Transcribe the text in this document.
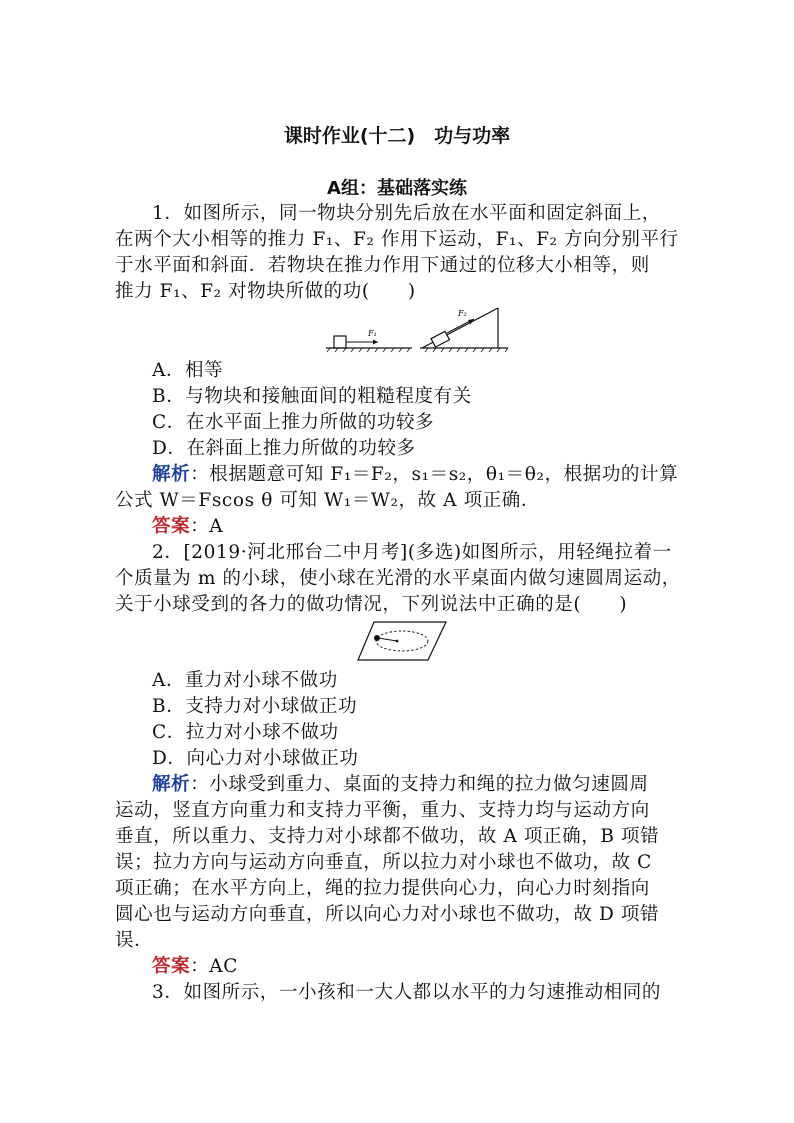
课时作业(十二)　功与功率
A组：基础落实练
1．如图所示，同一物块分别先后放在水平面和固定斜面上，
在两个大小相等的推力 F₁、F₂ 作用下运动，F₁、F₂ 方向分别平行
于水平面和斜面．若物块在推力作用下通过的位移大小相等，则
推力 F₁、F₂ 对物块所做的功(　　)
F₁
F₂
A．相等
B．与物块和接触面间的粗糙程度有关
C．在水平面上推力所做的功较多
D．在斜面上推力所做的功较多
解析：根据题意可知 F₁＝F₂，s₁＝s₂，θ₁＝θ₂，根据功的计算
公式 W＝Fscos θ 可知 W₁＝W₂，故 A 项正确．
答案：A
2．[2019·河北邢台二中月考](多选)如图所示，用轻绳拉着一
个质量为 m 的小球，使小球在光滑的水平桌面内做匀速圆周运动，
关于小球受到的各力的做功情况，下列说法中正确的是(　　)
A．重力对小球不做功
B．支持力对小球做正功
C．拉力对小球不做功
D．向心力对小球做正功
解析：小球受到重力、桌面的支持力和绳的拉力做匀速圆周
运动，竖直方向重力和支持力平衡，重力、支持力均与运动方向
垂直，所以重力、支持力对小球都不做功，故 A 项正确，B 项错
误；拉力方向与运动方向垂直，所以拉力对小球也不做功，故 C
项正确；在水平方向上，绳的拉力提供向心力，向心力时刻指向
圆心也与运动方向垂直，所以向心力对小球也不做功，故 D 项错
误．
答案：AC
3．如图所示，一小孩和一大人都以水平的力匀速推动相同的
